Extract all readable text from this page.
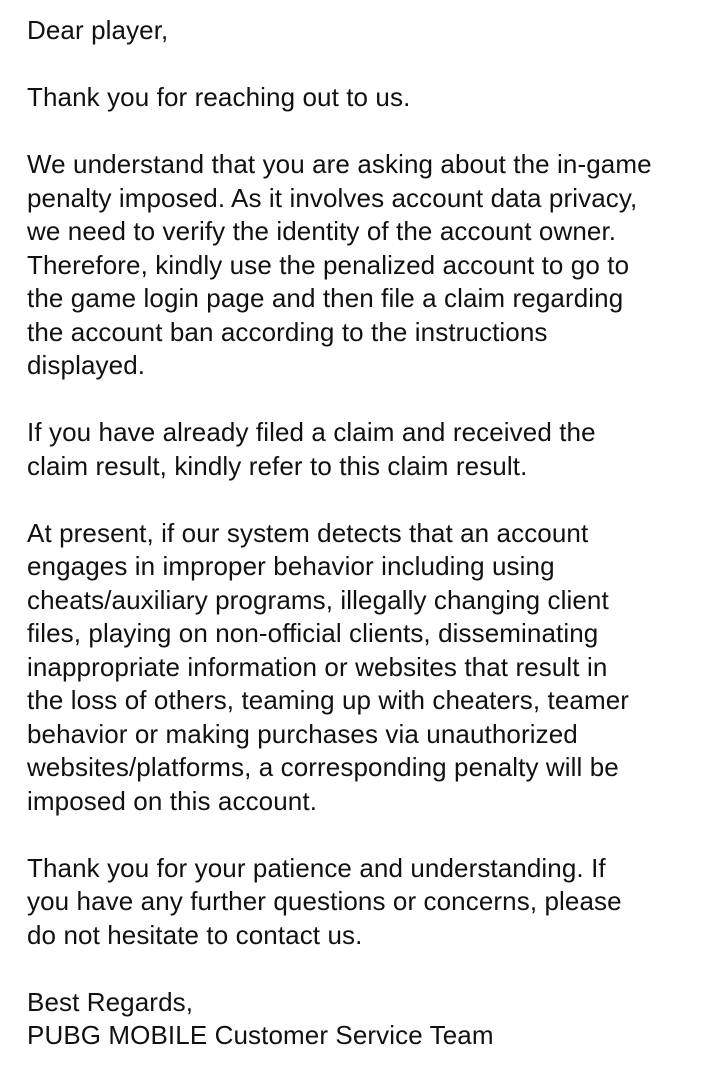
Dear player,

Thank you for reaching out to us.

We understand that you are asking about the in-game
penalty imposed. As it involves account data privacy,
we need to verify the identity of the account owner.
Therefore, kindly use the penalized account to go to
the game login page and then file a claim regarding
the account ban according to the instructions
displayed.

If you have already filed a claim and received the
claim result, kindly refer to this claim result.

At present, if our system detects that an account
engages in improper behavior including using
cheats/auxiliary programs, illegally changing client
files, playing on non-official clients, disseminating
inappropriate information or websites that result in
the loss of others, teaming up with cheaters, teamer
behavior or making purchases via unauthorized
websites/platforms, a corresponding penalty will be
imposed on this account.

Thank you for your patience and understanding. If
you have any further questions or concerns, please
do not hesitate to contact us.

Best Regards,
PUBG MOBILE Customer Service Team
